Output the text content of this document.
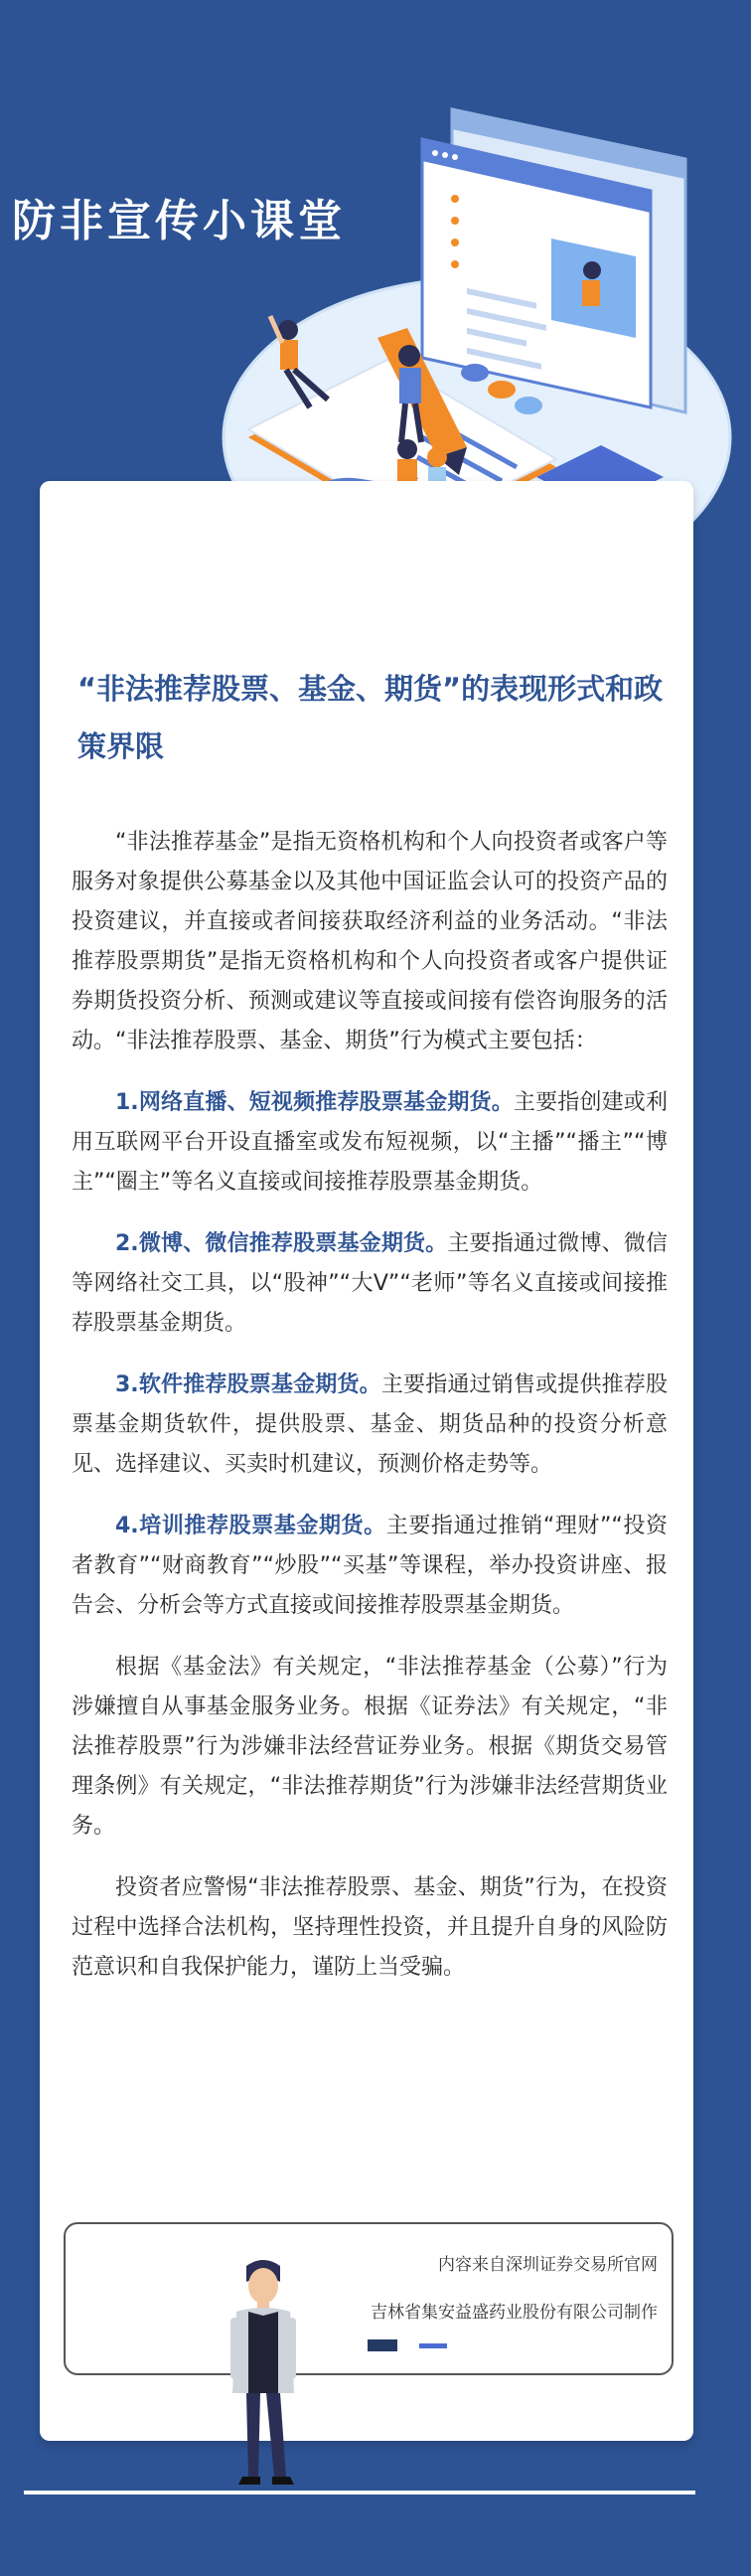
防非宣传小课堂
“非法推荐股票、基金、期货”的表现形式和政策界限

“非法推荐基金”是指无资格机构和个人向投资者或客户等服务对象提供公募基金以及其他中国证监会认可的投资产品的投资建议，并直接或者间接获取经济利益的业务活动。“非法推荐股票期货”是指无资格机构和个人向投资者或客户提供证券期货投资分析、预测或建议等直接或间接有偿咨询服务的活动。“非法推荐股票、基金、期货”行为模式主要包括：

1.网络直播、短视频推荐股票基金期货。主要指创建或利用互联网平台开设直播室或发布短视频，以“主播”“播主”“博主”“圈主”等名义直接或间接推荐股票基金期货。

2.微博、微信推荐股票基金期货。主要指通过微博、微信等网络社交工具，以“股神”“大V”“老师”等名义直接或间接推荐股票基金期货。

3.软件推荐股票基金期货。主要指通过销售或提供推荐股票基金期货软件，提供股票、基金、期货品种的投资分析意见、选择建议、买卖时机建议，预测价格走势等。

4.培训推荐股票基金期货。主要指通过推销“理财”“投资者教育”“财商教育”“炒股”“买基”等课程，举办投资讲座、报告会、分析会等方式直接或间接推荐股票基金期货。

根据《基金法》有关规定，“非法推荐基金（公募）”行为涉嫌擅自从事基金服务业务。根据《证券法》有关规定，“非法推荐股票”行为涉嫌非法经营证券业务。根据《期货交易管理条例》有关规定，“非法推荐期货”行为涉嫌非法经营期货业务。

投资者应警惕“非法推荐股票、基金、期货”行为，在投资过程中选择合法机构，坚持理性投资，并且提升自身的风险防范意识和自我保护能力，谨防上当受骗。

内容来自深圳证券交易所官网

吉林省集安益盛药业股份有限公司制作
